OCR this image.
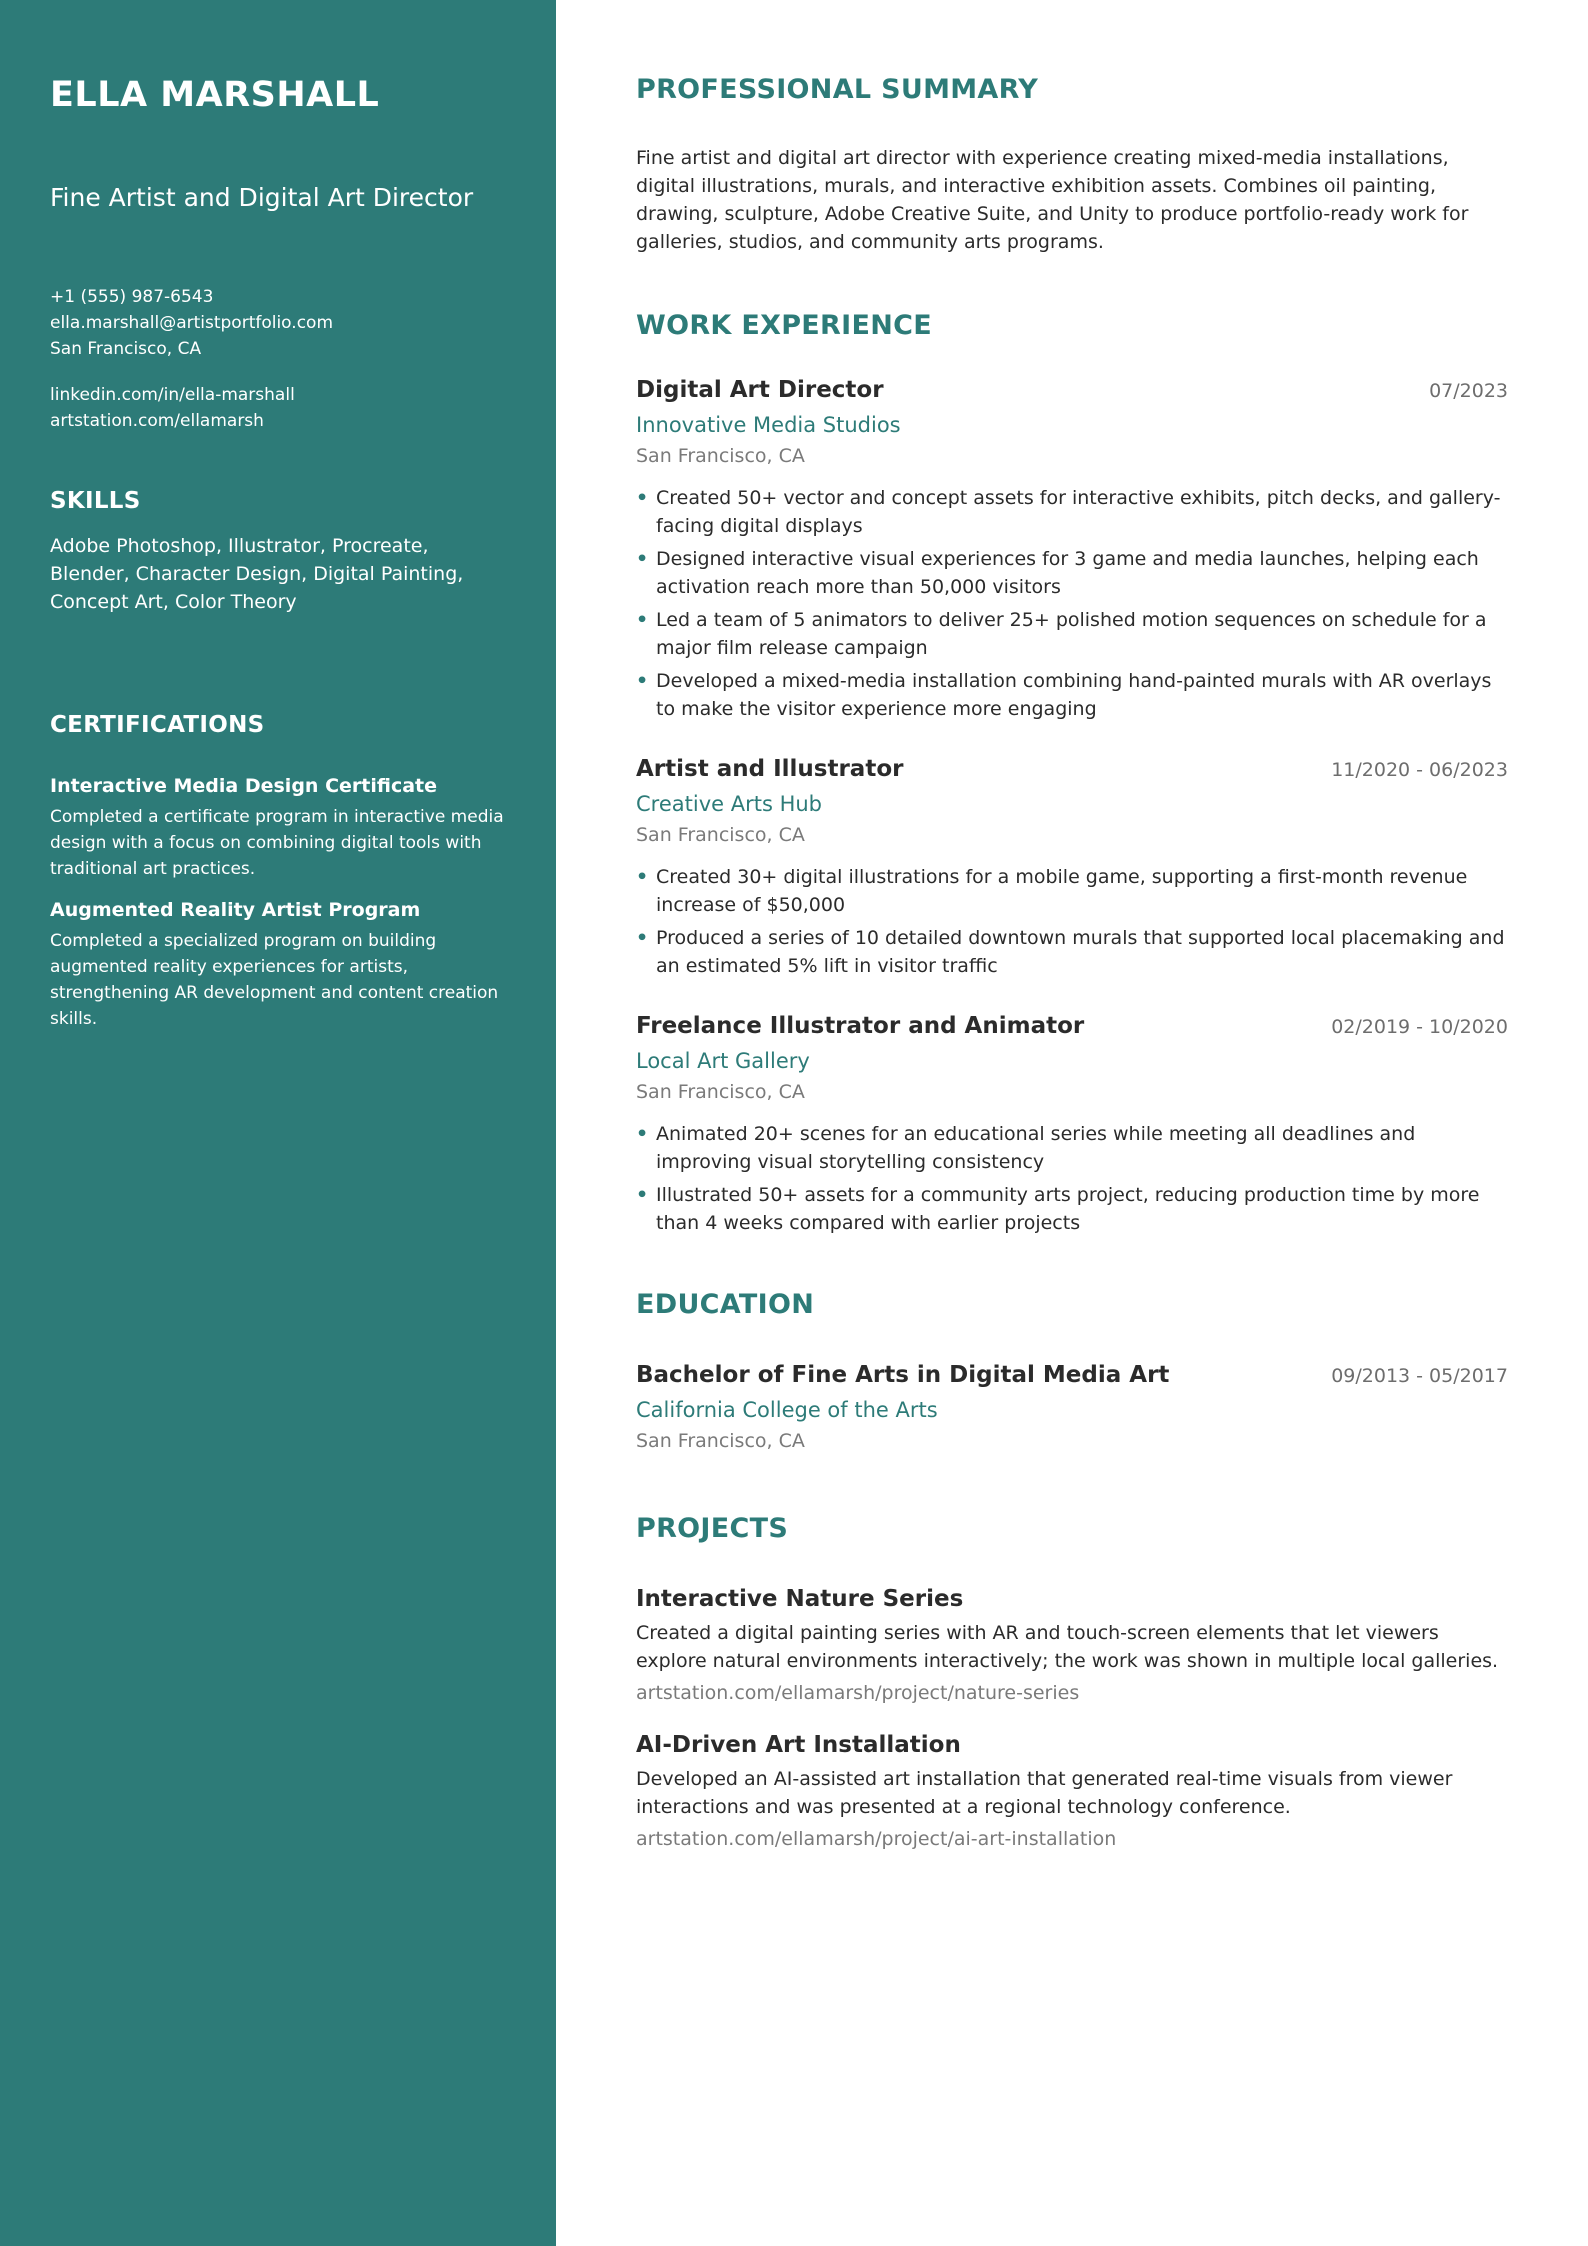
ELLA MARSHALL
Fine Artist and Digital Art Director
+1 (555) 987-6543
ella.marshall@artistportfolio.com
San Francisco, CA
linkedin.com/in/ella-marshall
artstation.com/ellamarsh
SKILLS

Adobe Photoshop, Illustrator, Procreate, Blender, Character Design, Digital Painting, Concept Art, Color Theory

CERTIFICATIONS
Interactive Media Design Certificate
Completed a certificate program in interactive media design with a focus on combining digital tools with traditional art practices.
Augmented Reality Artist Program
Completed a specialized program on building augmented reality experiences for artists, strengthening AR development and content creation skills.
PROFESSIONAL SUMMARY

Fine artist and digital art director with experience creating mixed-media installations, digital illustrations, murals, and interactive exhibition assets. Combines oil painting, drawing, sculpture, Adobe Creative Suite, and Unity to produce portfolio-ready work for galleries, studios, and community arts programs.

WORK EXPERIENCE
Digital Art Director	07/2023
Innovative Media Studios
San Francisco, CA
• Created 50+ vector and concept assets for interactive exhibits, pitch decks, and gallery-facing digital displays
• Designed interactive visual experiences for 3 game and media launches, helping each activation reach more than 50,000 visitors
• Led a team of 5 animators to deliver 25+ polished motion sequences on schedule for a major film release campaign
• Developed a mixed-media installation combining hand-painted murals with AR overlays to make the visitor experience more engaging
Artist and Illustrator	11/2020 - 06/2023
Creative Arts Hub
San Francisco, CA
• Created 30+ digital illustrations for a mobile game, supporting a first-month revenue increase of $50,000
• Produced a series of 10 detailed downtown murals that supported local placemaking and an estimated 5% lift in visitor traffic
Freelance Illustrator and Animator	02/2019 - 10/2020
Local Art Gallery
San Francisco, CA
• Animated 20+ scenes for an educational series while meeting all deadlines and improving visual storytelling consistency
• Illustrated 50+ assets for a community arts project, reducing production time by more than 4 weeks compared with earlier projects
EDUCATION
Bachelor of Fine Arts in Digital Media Art	09/2013 - 05/2017
California College of the Arts
San Francisco, CA
PROJECTS
Interactive Nature Series
Created a digital painting series with AR and touch-screen elements that let viewers explore natural environments interactively; the work was shown in multiple local galleries.
artstation.com/ellamarsh/project/nature-series
AI-Driven Art Installation
Developed an AI-assisted art installation that generated real-time visuals from viewer interactions and was presented at a regional technology conference.
artstation.com/ellamarsh/project/ai-art-installation
